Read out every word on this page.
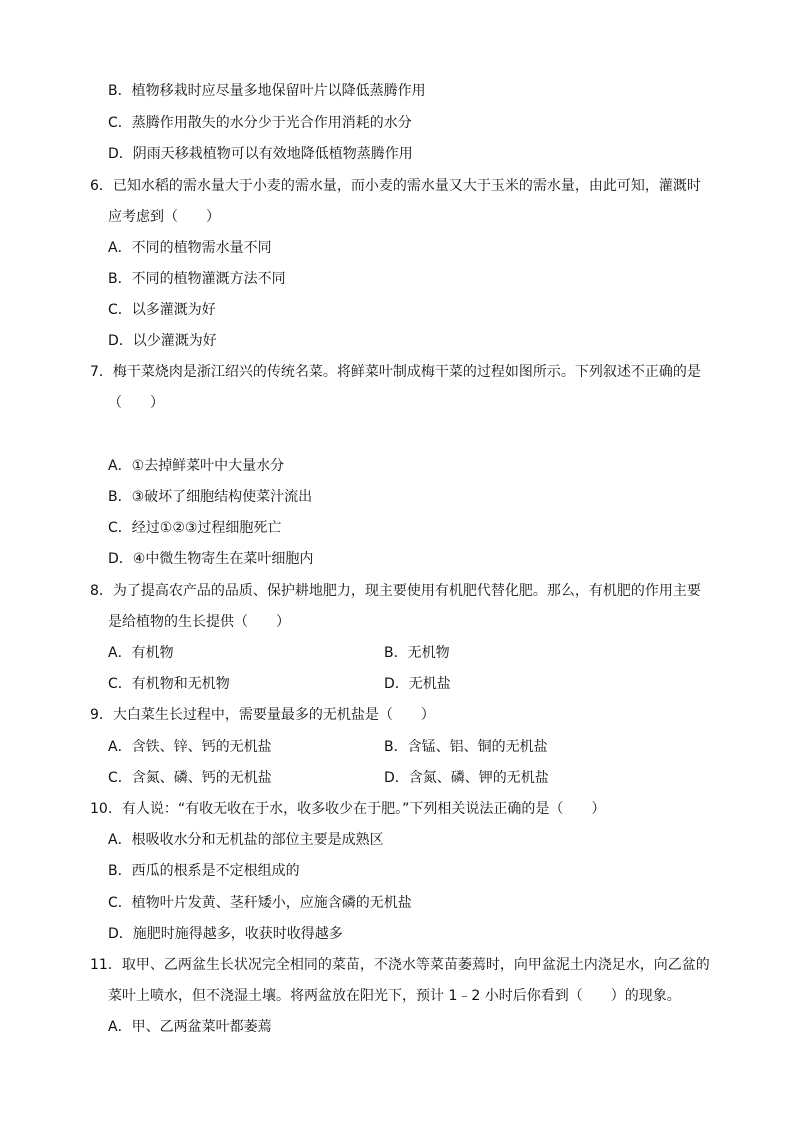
B．植物移栽时应尽量多地保留叶片以降低蒸腾作用
C．蒸腾作用散失的水分少于光合作用消耗的水分
D．阴雨天移栽植物可以有效地降低植物蒸腾作用
6．已知水稻的需水量大于小麦的需水量，而小麦的需水量又大于玉米的需水量，由此可知，灌溉时
应考虑到（　　）
A．不同的植物需水量不同
B．不同的植物灌溉方法不同
C．以多灌溉为好
D．以少灌溉为好
7．梅干菜烧肉是浙江绍兴的传统名菜。将鲜菜叶制成梅干菜的过程如图所示。下列叙述不正确的是
（　　）
A．①去掉鲜菜叶中大量水分
B．③破坏了细胞结构使菜汁流出
C．经过①②③过程细胞死亡
D．④中微生物寄生在菜叶细胞内
8．为了提高农产品的品质、保护耕地肥力，现主要使用有机肥代替化肥。那么，有机肥的作用主要
是给植物的生长提供（　　）
A．有机物	B．无机物
C．有机物和无机物	D．无机盐
9．大白菜生长过程中，需要量最多的无机盐是（　　）
A．含铁、锌、钙的无机盐	B．含锰、铝、铜的无机盐
C．含氮、磷、钙的无机盐	D．含氮、磷、钾的无机盐
10．有人说：“有收无收在于水，收多收少在于肥。”下列相关说法正确的是（　　）
A．根吸收水分和无机盐的部位主要是成熟区
B．西瓜的根系是不定根组成的
C．植物叶片发黄、茎秆矮小，应施含磷的无机盐
D．施肥时施得越多，收获时收得越多
11．取甲、乙两盆生长状况完全相同的菜苗，不浇水等菜苗萎蔫时，向甲盆泥土内浇足水，向乙盆的
菜叶上喷水，但不浇湿土壤。将两盆放在阳光下，预计 1﹣2 小时后你看到（　　）的现象。
A．甲、乙两盆菜叶都萎蔫
